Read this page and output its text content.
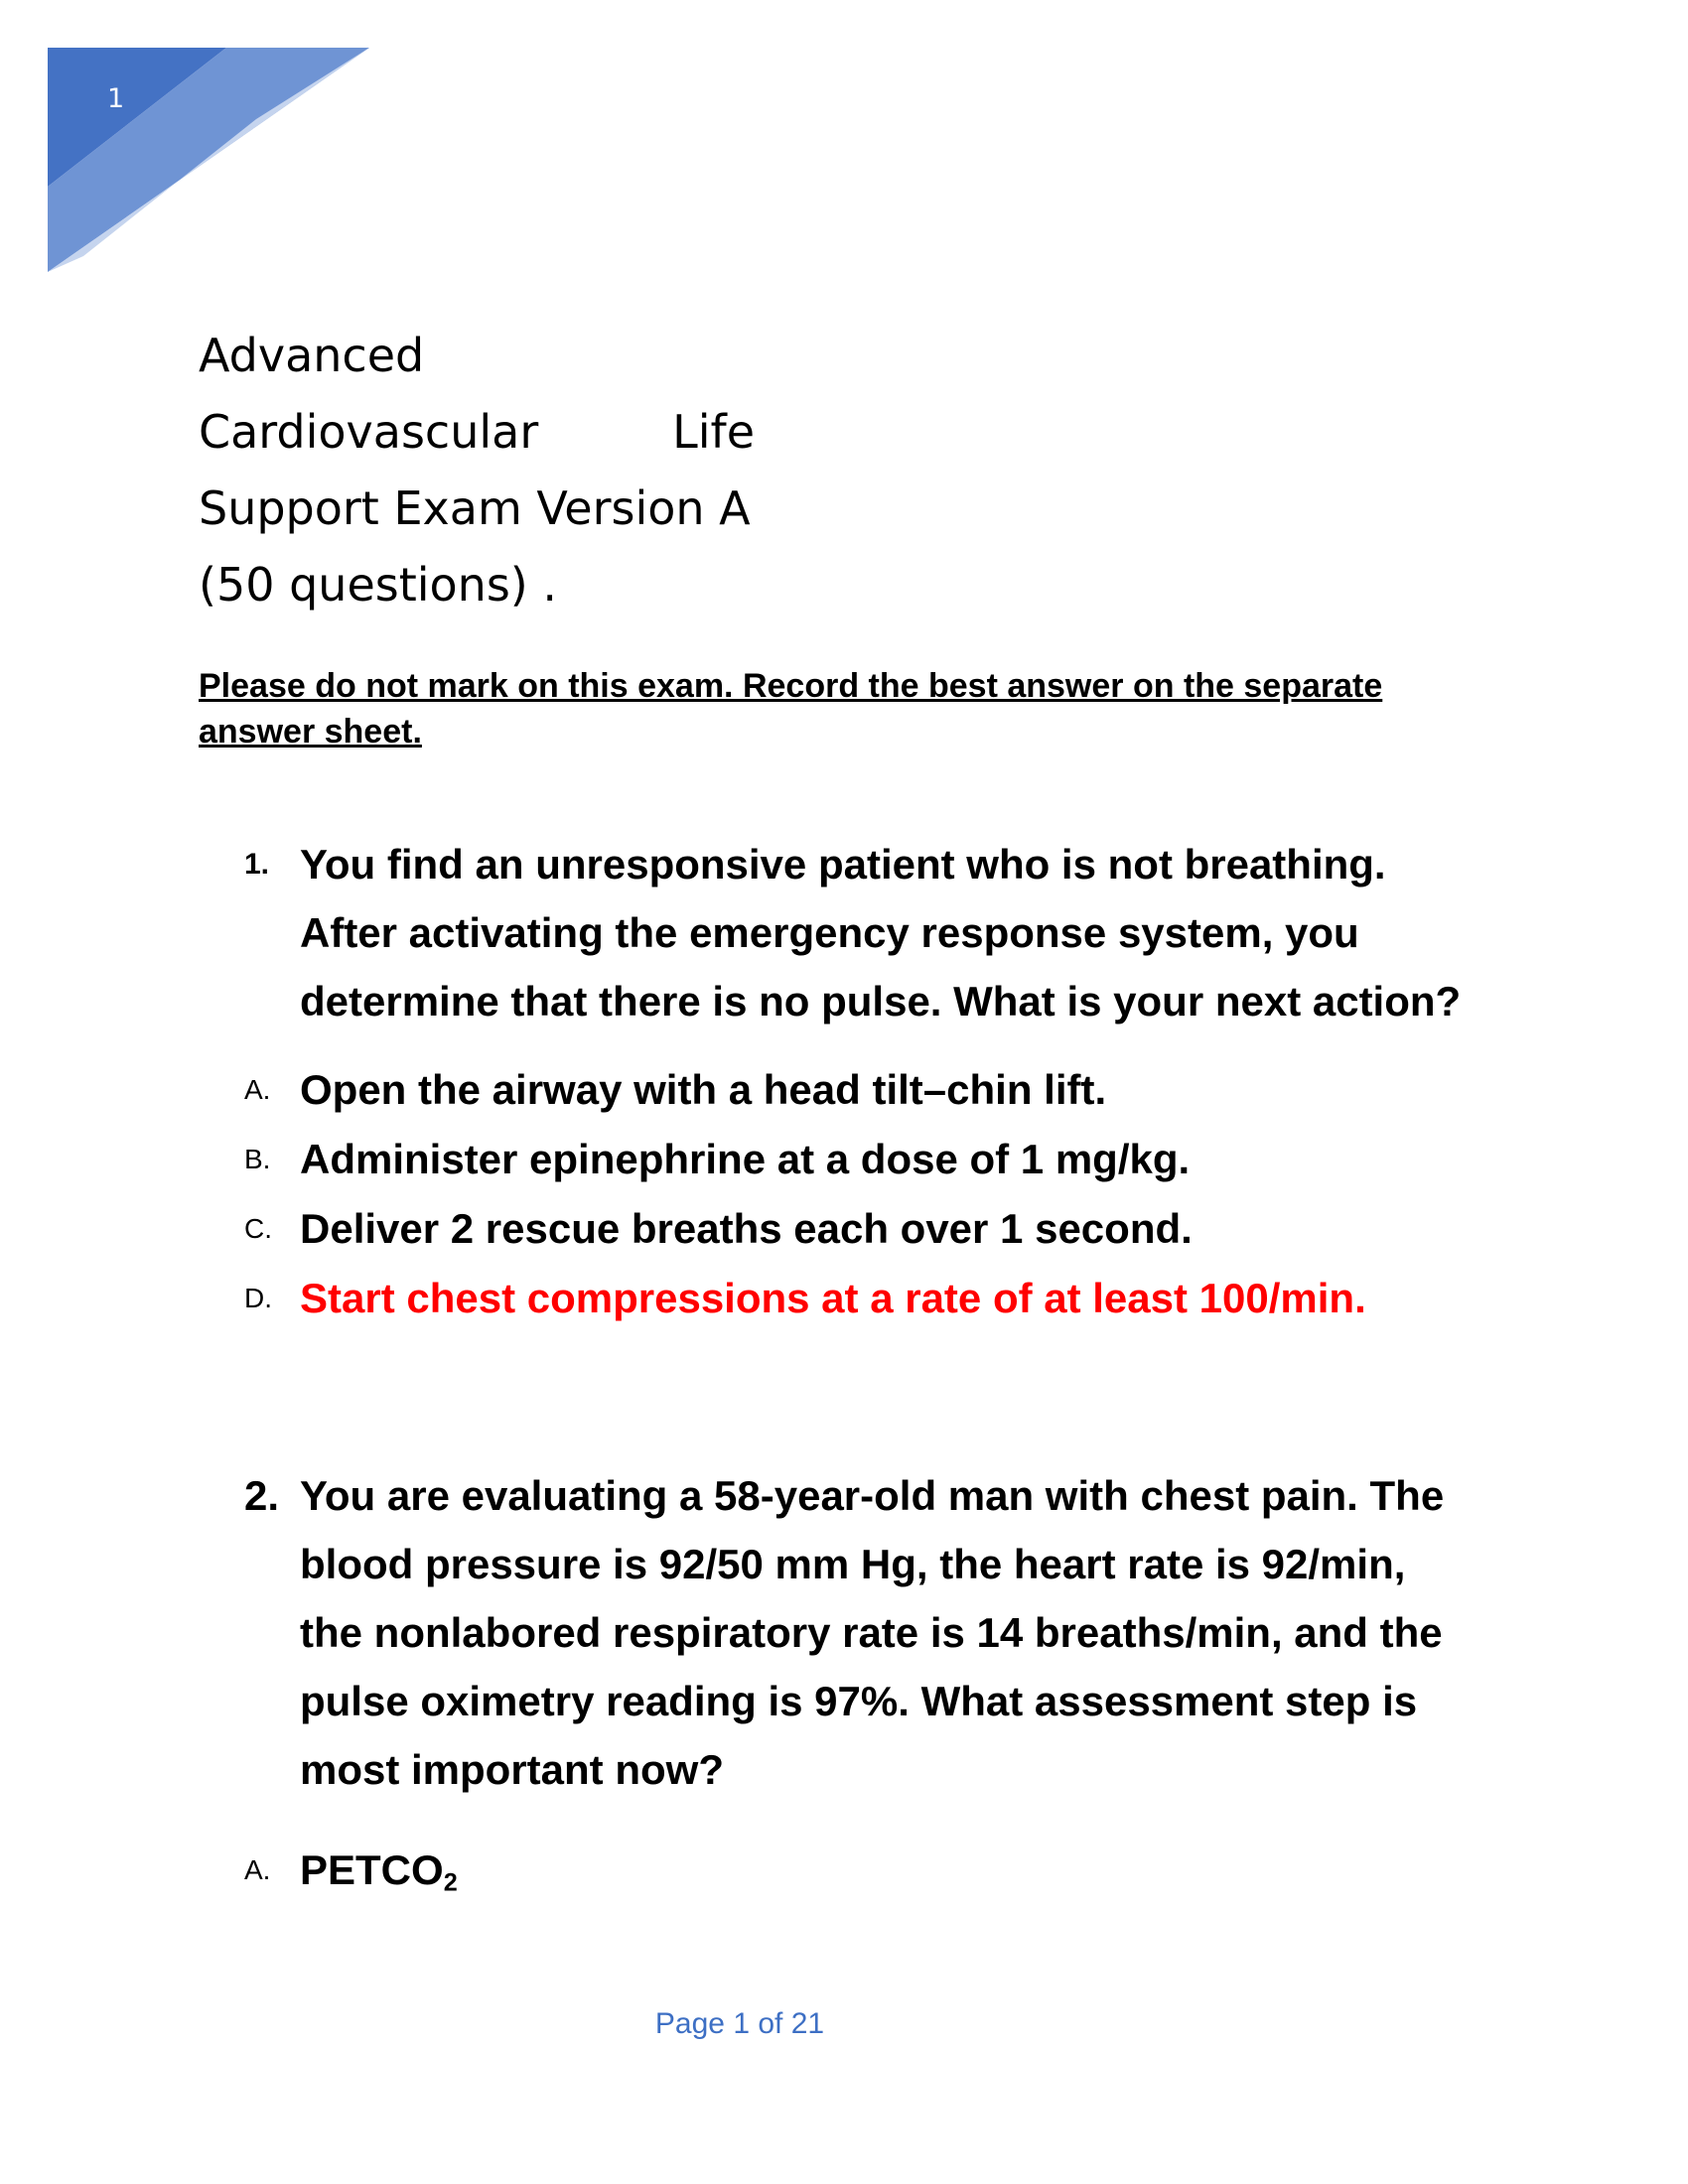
1
Advanced
Cardiovascular	Life
Support Exam Version A
(50 questions) .

Please do not mark on this exam. Record the best answer on the separate answer sheet.

1. You find an unresponsive patient who is not breathing. After activating the emergency response system, you determine that there is no pulse. What is your next action?

A. Open the airway with a head tilt–chin lift.
B. Administer epinephrine at a dose of 1 mg/kg.
C. Deliver 2 rescue breaths each over 1 second.
D. Start chest compressions at a rate of at least 100/min.

2. You are evaluating a 58-year-old man with chest pain. The blood pressure is 92/50 mm Hg, the heart rate is 92/min, the nonlabored respiratory rate is 14 breaths/min, and the pulse oximetry reading is 97%. What assessment step is most important now?

A. $PETCO_2$
Page 1 of 21
